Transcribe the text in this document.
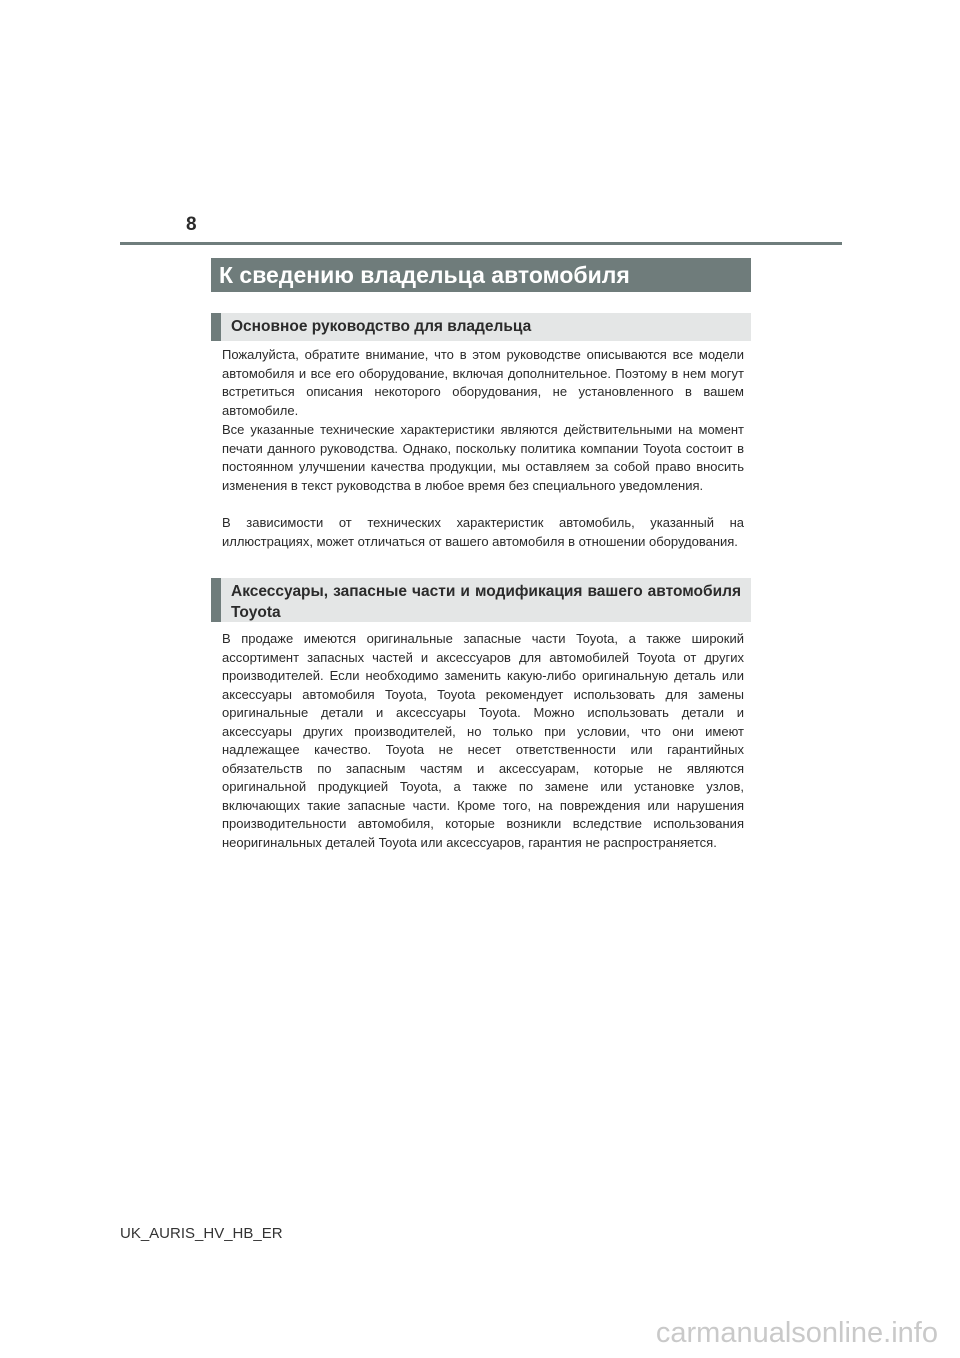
8
К сведению владельца автомобиля
Основное руководство для владельца

Пожалуйста, обратите внимание, что в этом руководстве описываются все модели автомобиля и все его оборудование, включая дополнительное. Поэтому в нем могут встретиться описания некоторого оборудования, не установленного в вашем автомобиле.

Все указанные технические характеристики являются действительными на момент печати данного руководства. Однако, поскольку политика компании Toyota состоит в постоянном улучшении качества продукции, мы оставляем за собой право вносить изменения в текст руководства в любое время без специального уведомления.

В зависимости от технических характеристик автомобиль, указанный на иллюстрациях, может отличаться от вашего автомобиля в отношении оборудования.

Аксессуары, запасные части и модификация вашего автомобиля
Toyota

В продаже имеются оригинальные запасные части Toyota, а также широкий ассортимент запасных частей и аксессуаров для автомобилей Toyota от других производителей. Если необходимо заменить какую-либо оригинальную деталь или аксессуары автомобиля Toyota, Toyota рекомендует использовать для замены оригинальные детали и аксессуары Toyota. Можно использовать детали и аксессуары других производителей, но только при условии, что они имеют надлежащее качество. Toyota не несет ответственности или гарантийных обязательств по запасным частям и аксессуарам, которые не являются оригинальной продукцией Toyota, а также по замене или установке узлов, включающих такие запасные части. Кроме того, на повреждения или нарушения производительности автомобиля, которые возникли вследствие использования неоригинальных деталей Toyota или аксессуаров, гарантия не распространяется.

UK_AURIS_HV_HB_ER
carmanualsonline.info
